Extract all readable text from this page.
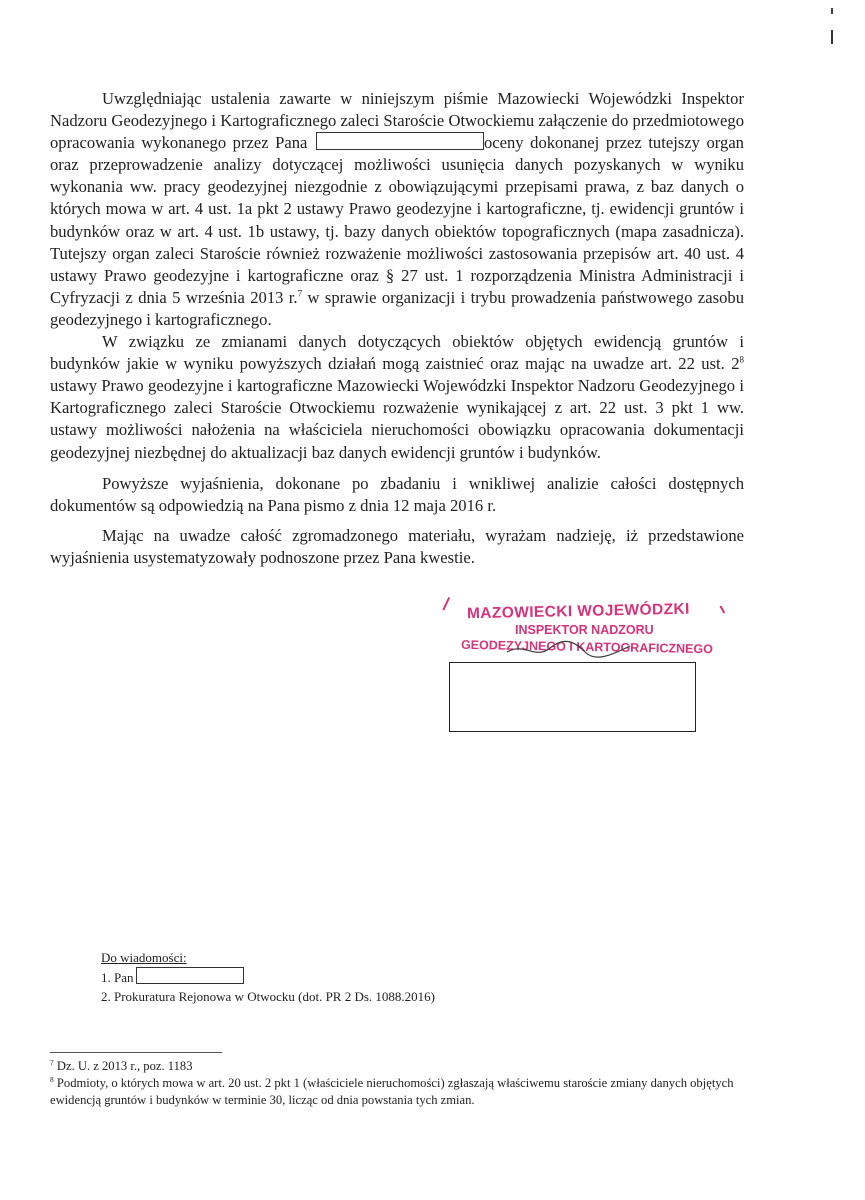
Uwzględniając ustalenia zawarte w niniejszym piśmie Mazowiecki Wojewódzki Inspektor Nadzoru Geodezyjnego i Kartograficznego zaleci Staroście Otwockiemu załączenie do przedmiotowego opracowania wykonanego przez Pana	oceny dokonanej przez tutejszy organ oraz przeprowadzenie analizy dotyczącej możliwości usunięcia danych pozyskanych w wyniku wykonania ww. pracy geodezyjnej niezgodnie z obowiązującymi przepisami prawa, z baz danych o których mowa w art. 4 ust. 1a pkt 2 ustawy Prawo geodezyjne i kartograficzne, tj. ewidencji gruntów i budynków oraz w art. 4 ust. 1b ustawy, tj. bazy danych obiektów topograficznych (mapa zasadnicza). Tutejszy organ zaleci Staroście również rozważenie możliwości zastosowania przepisów art. 40 ust. 4 ustawy Prawo geodezyjne i kartograficzne oraz § 27 ust. 1 rozporządzenia Ministra Administracji i Cyfryzacji z dnia 5 września 2013 r.$^7$ w sprawie organizacji i trybu prowadzenia państwowego zasobu geodezyjnego i kartograficznego.

W związku ze zmianami danych dotyczących obiektów objętych ewidencją gruntów i budynków jakie w wyniku powyższych działań mogą zaistnieć oraz mając na uwadze art. 22 ust. $2^8$ ustawy Prawo geodezyjne i kartograficzne Mazowiecki Wojewódzki Inspektor Nadzoru Geodezyjnego i Kartograficznego zaleci Staroście Otwockiemu rozważenie wynikającej z art. 22 ust. 3 pkt 1 ww. ustawy możliwości nałożenia na właściciela nieruchomości obowiązku opracowania dokumentacji geodezyjnej niezbędnej do aktualizacji baz danych ewidencji gruntów i budynków.

Powyższe wyjaśnienia, dokonane po zbadaniu i wnikliwej analizie całości dostępnych dokumentów są odpowiedzią na Pana pismo z dnia 12 maja 2016 r.

Mając na uwadze całość zgromadzonego materiału, wyrażam nadzieję, iż przedstawione wyjaśnienia usystematyzowały podnoszone przez Pana kwestie.

MAZOWIECKI WOJEWÓDZKI
INSPEKTOR NADZORU
GEODEZYJNEGO I KARTOGRAFICZNEGO
Do wiadomości:
1. Pan
2. Prokuratura Rejonowa w Otwocku (dot. PR 2 Ds. 1088.2016)
$^7$ Dz. U. z 2013 r., poz. 1183
$^8$ Podmioty, o których mowa w art. 20 ust. 2 pkt 1 (właściciele nieruchomości) zgłaszają właściwemu staroście zmiany danych objętych ewidencją gruntów i budynków w terminie 30, licząc od dnia powstania tych zmian.
